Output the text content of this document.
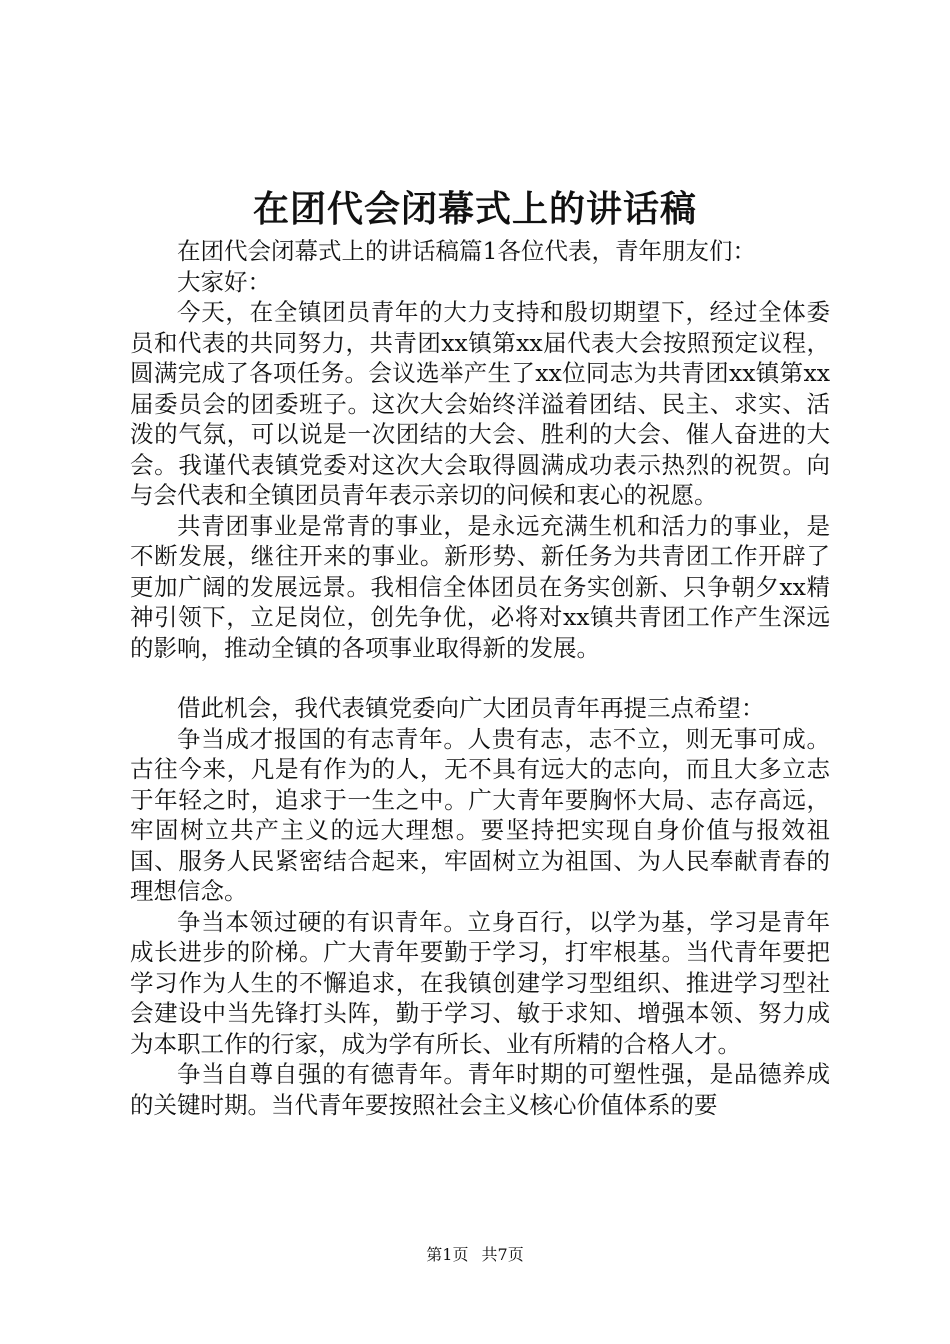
在团代会闭幕式上的讲话稿

在团代会闭幕式上的讲话稿篇1各位代表，青年朋友们：

大家好：

今天，在全镇团员青年的大力支持和殷切期望下，经过全体委员和代表的共同努力，共青团xx镇第xx届代表大会按照预定议程，圆满完成了各项任务。会议选举产生了xx位同志为共青团xx镇第xx届委员会的团委班子。这次大会始终洋溢着团结、民主、求实、活泼的气氛，可以说是一次团结的大会、胜利的大会、催人奋进的大会。我谨代表镇党委对这次大会取得圆满成功表示热烈的祝贺。向与会代表和全镇团员青年表示亲切的问候和衷心的祝愿。

共青团事业是常青的事业，是永远充满生机和活力的事业，是不断发展，继往开来的事业。新形势、新任务为共青团工作开辟了更加广阔的发展远景。我相信全体团员在务实创新、只争朝夕xx精神引领下，立足岗位，创先争优，必将对xx镇共青团工作产生深远的影响，推动全镇的各项事业取得新的发展。

借此机会，我代表镇党委向广大团员青年再提三点希望：

争当成才报国的有志青年。人贵有志，志不立，则无事可成。古往今来，凡是有作为的人，无不具有远大的志向，而且大多立志于年轻之时，追求于一生之中。广大青年要胸怀大局、志存高远，牢固树立共产主义的远大理想。要坚持把实现自身价值与报效祖国、服务人民紧密结合起来，牢固树立为祖国、为人民奉献青春的理想信念。

争当本领过硬的有识青年。立身百行，以学为基，学习是青年成长进步的阶梯。广大青年要勤于学习，打牢根基。当代青年要把学习作为人生的不懈追求，在我镇创建学习型组织、推进学习型社会建设中当先锋打头阵，勤于学习、敏于求知、增强本领、努力成为本职工作的行家，成为学有所长、业有所精的合格人才。

争当自尊自强的有德青年。青年时期的可塑性强，是品德养成的关键时期。当代青年要按照社会主义核心价值体系的要

第1页 共7页
